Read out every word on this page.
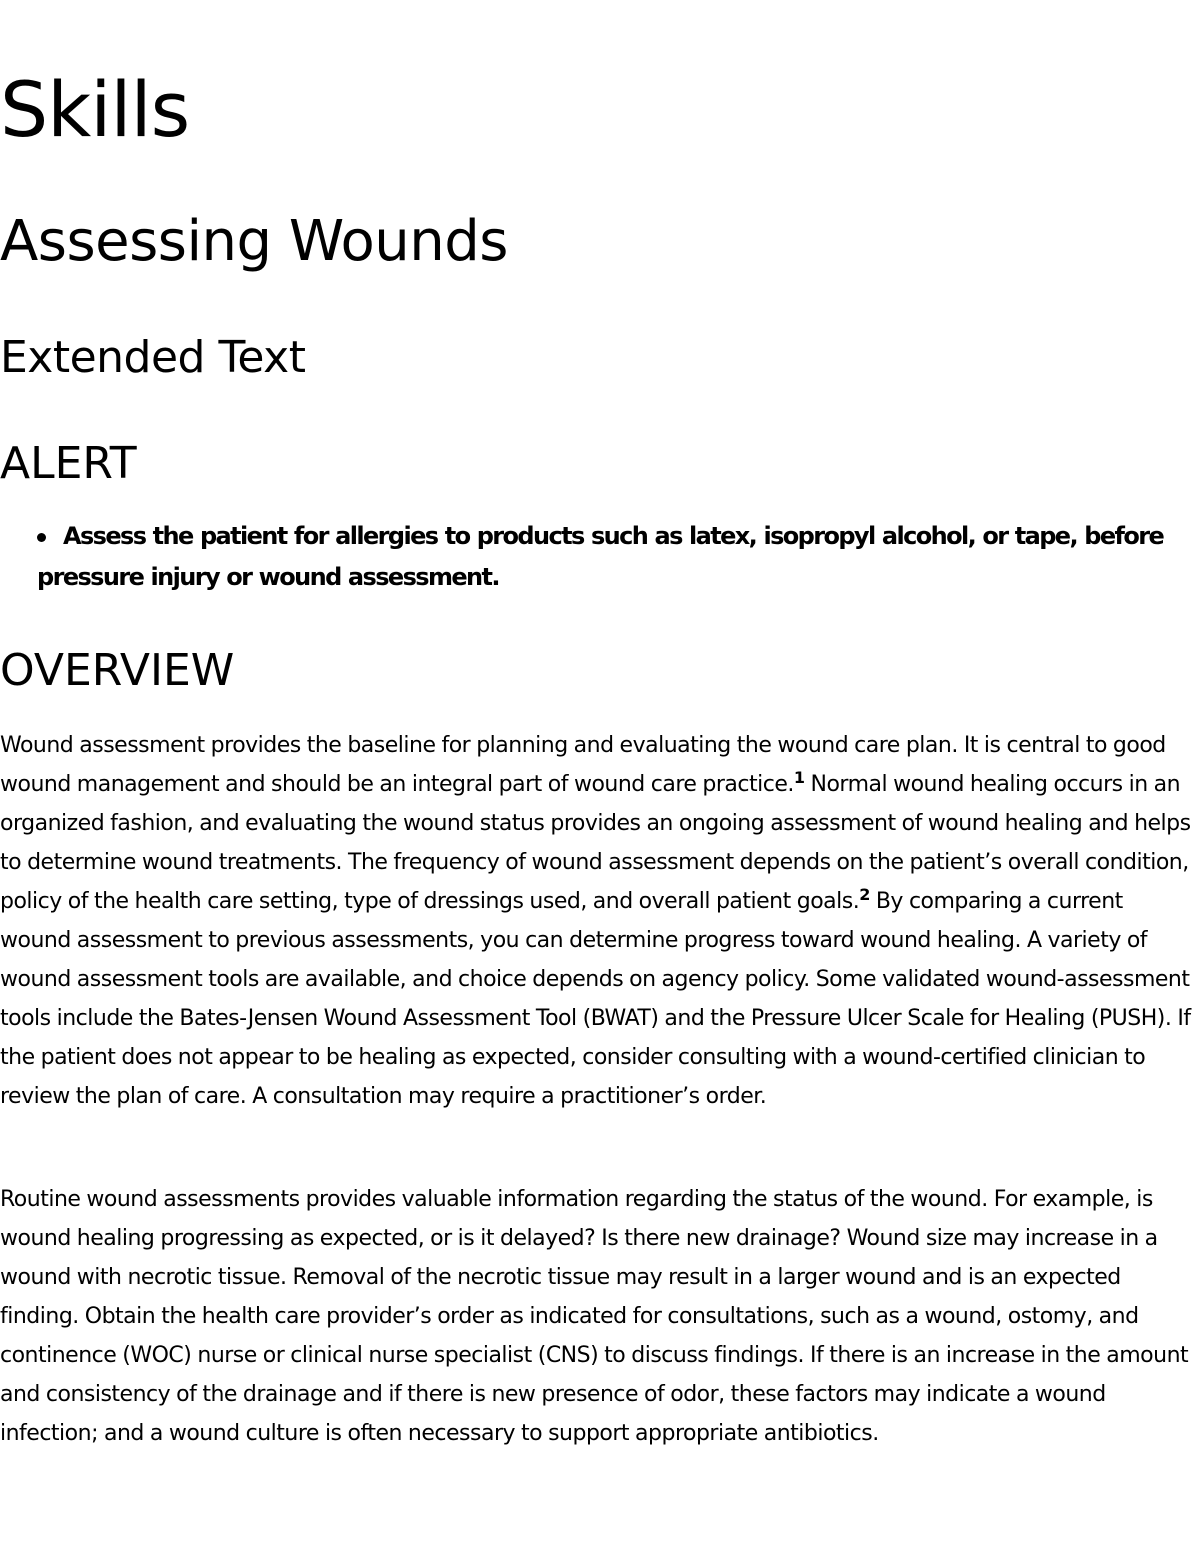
Skills
Assessing Wounds
Extended Text
ALERT
Assess the patient for allergies to products such as latex, isopropyl alcohol, or tape, before pressure injury or wound assessment.
OVERVIEW

Wound assessment provides the baseline for planning and evaluating the wound care plan. It is central to good wound management and should be an integral part of wound care practice.$^1$ Normal wound healing occurs in an organized fashion, and evaluating the wound status provides an ongoing assessment of wound healing and helps to determine wound treatments. The frequency of wound assessment depends on the patient’s overall condition, policy of the health care setting, type of dressings used, and overall patient goals.$^2$ By comparing a current wound assessment to previous assessments, you can determine progress toward wound healing. A variety of wound assessment tools are available, and choice depends on agency policy. Some validated wound-assessment tools include the Bates-Jensen Wound Assessment Tool (BWAT) and the Pressure Ulcer Scale for Healing (PUSH). If the patient does not appear to be healing as expected, consider consulting with a wound-certified clinician to review the plan of care. A consultation may require a practitioner’s order.

Routine wound assessments provides valuable information regarding the status of the wound. For example, is wound healing progressing as expected, or is it delayed? Is there new drainage? Wound size may increase in a wound with necrotic tissue. Removal of the necrotic tissue may result in a larger wound and is an expected finding. Obtain the health care provider’s order as indicated for consultations, such as a wound, ostomy, and continence (WOC) nurse or clinical nurse specialist (CNS) to discuss findings. If there is an increase in the amount and consistency of the drainage and if there is new presence of odor, these factors may indicate a wound infection; and a wound culture is often necessary to support appropriate antibiotics.
